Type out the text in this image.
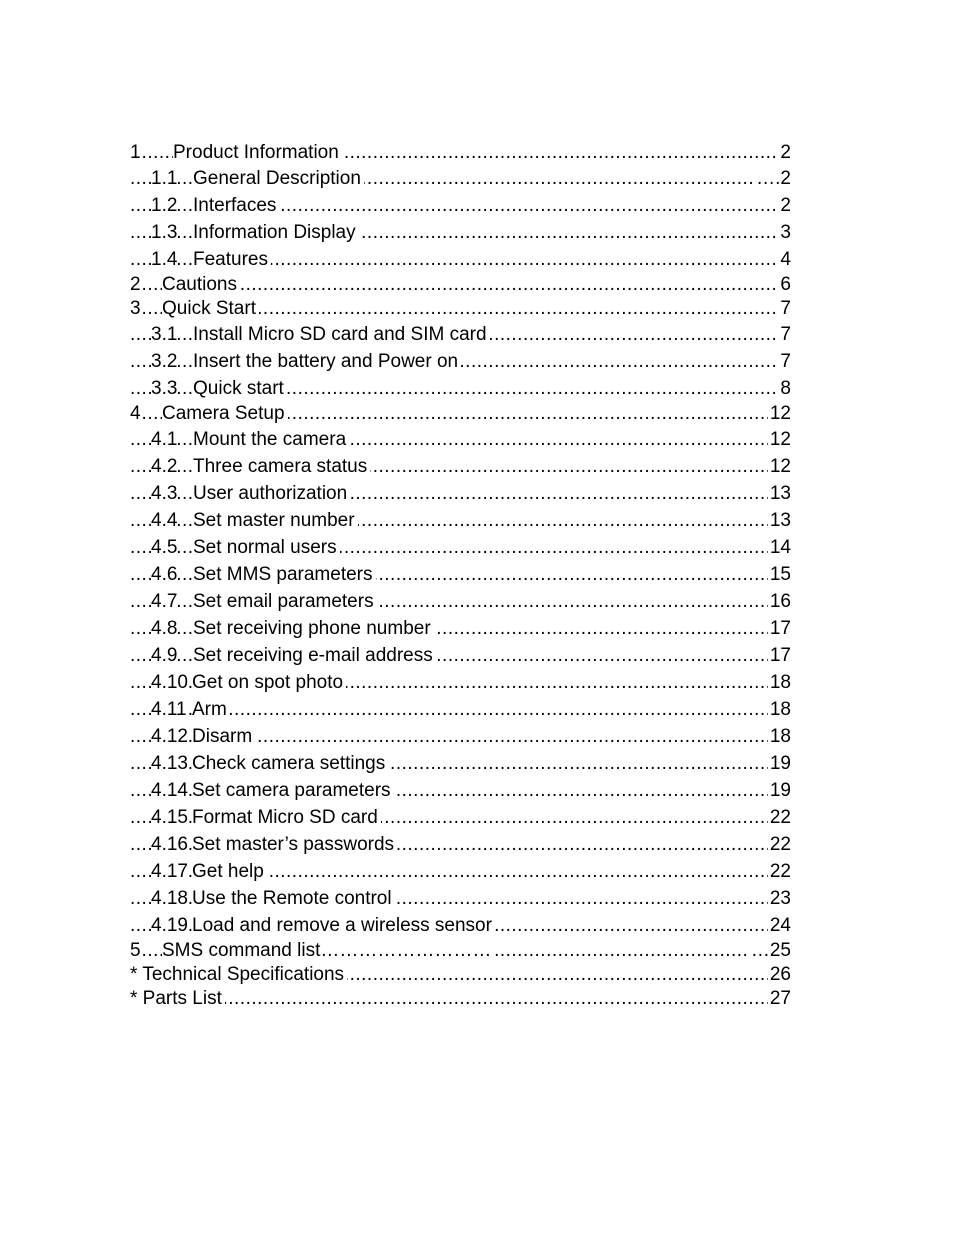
.....
1 Product Information	2
.....
1.1 General Description	….2
.....
1.2 Interfaces	2
.....
1.3 Information Display	3
.....
1.4 Features	4
.....
2 Cautions	6
.....
3 Quick Start	7
.....
3.1 Install Micro SD card and SIM card	7
.....
3.2 Insert the battery and Power on	7
.....
3.3 Quick start	8
.....
4 Camera Setup	12
.....
4.1 Mount the camera	12
.....
4.2 Three camera status	12
.....
4.3 User authorization	13
.....
4.4 Set master number	13
.....
4.5 Set normal users	14
.....
4.6 Set MMS parameters	15
.....
4.7 Set email parameters	16
.....
4.8 Set receiving phone number	17
.....
4.9 Set receiving e-mail address	17
.....
4.10 Get on spot photo	18
.....
4.11 Arm	18
.....
4.12 Disarm	18
.....
4.13 Check camera settings	19
.....
4.14 Set camera parameters	19
.....
4.15 Format Micro SD card	22
.....
4.16 Set master’s passwords	22
.....
4.17 Get help	22
.....
4.18 Use the Remote control	23
.....
4.19 Load and remove a wireless sensor	24
.....
5 SMS command list………………………	…25
.....
* Technical Specifications	26
.....
* Parts List	27
